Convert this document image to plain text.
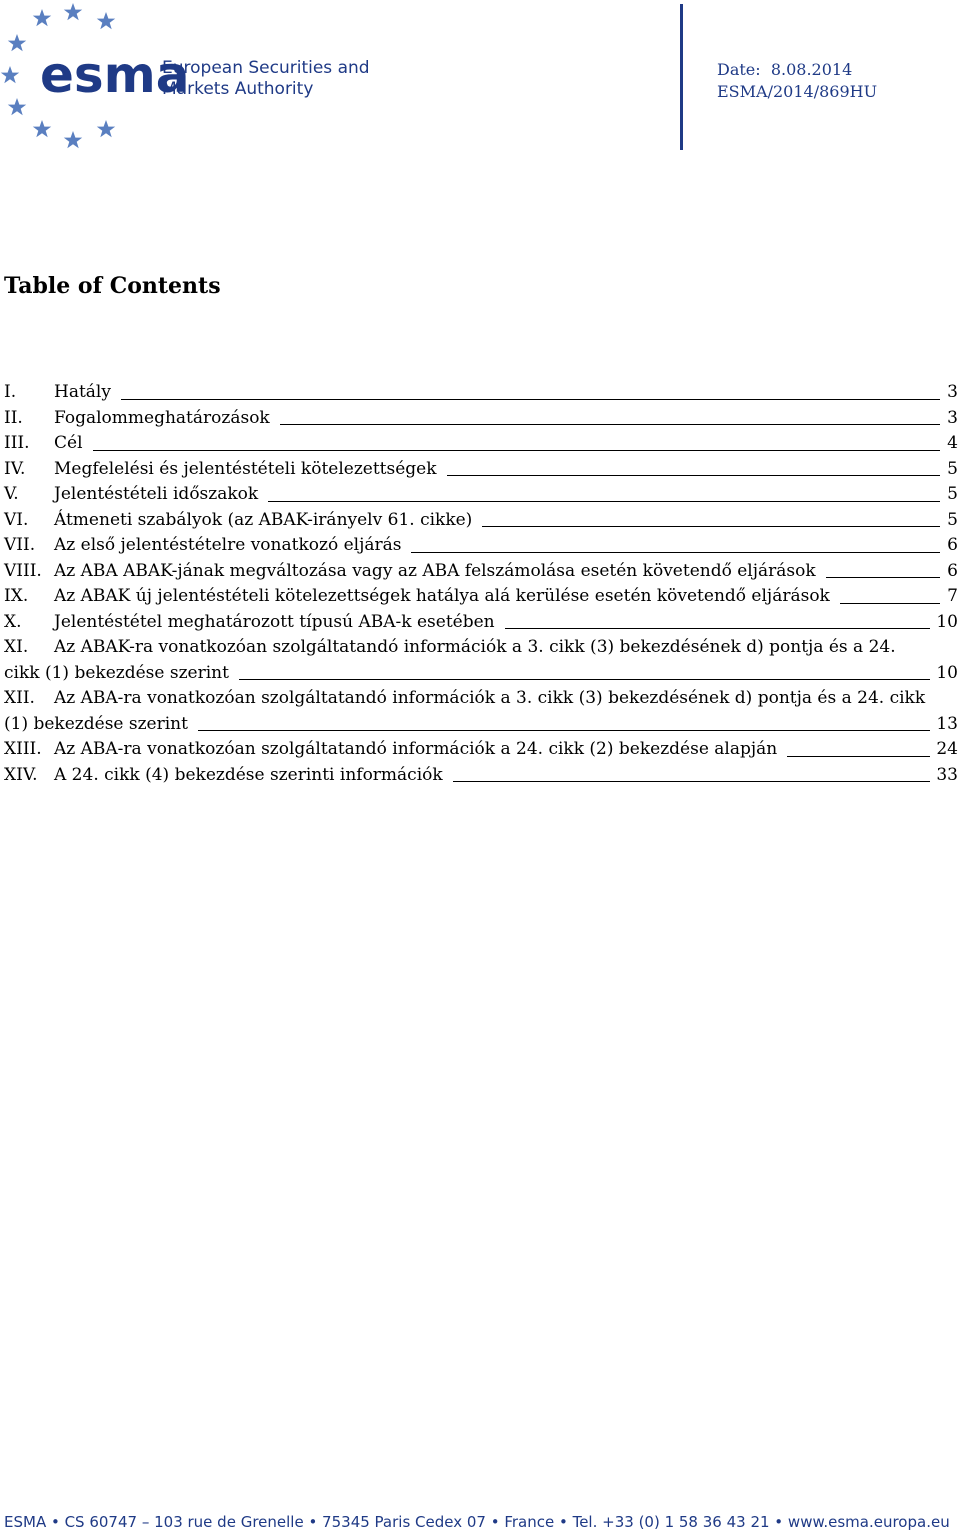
esma
European Securities and
Markets Authority
Date: 8.08.2014
ESMA/2014/869HU
Table of Contents
I.	Hatály	3
II.	Fogalommeghatározások	3
III.	Cél	4
IV.	Megfelelési és jelentéstételi kötelezettségek	5
V.	Jelentéstételi időszakok	5
VI.	Átmeneti szabályok (az ABAK-irányelv 61. cikke)	5
VII.	Az első jelentéstételre vonatkozó eljárás	6
VIII. Az ABA ABAK-jának megváltozása vagy az ABA felszámolása esetén követendő eljárások	6
IX.	Az ABAK új jelentéstételi kötelezettségek hatálya alá kerülése esetén követendő eljárások	7
X.	Jelentéstétel meghatározott típusú ABA-k esetében	10
XI.	Az ABAK-ra vonatkozóan szolgáltatandó információk a 3. cikk (3) bekezdésének d) pontja és a 24.
cikk (1) bekezdése szerint	10
XII.	Az ABA-ra vonatkozóan szolgáltatandó információk a 3. cikk (3) bekezdésének d) pontja és a 24. cikk
(1) bekezdése szerint	13
XIII. Az ABA-ra vonatkozóan szolgáltatandó információk a 24. cikk (2) bekezdése alapján	24
XIV. A 24. cikk (4) bekezdése szerinti információk	33
ESMA • CS 60747 – 103 rue de Grenelle • 75345 Paris Cedex 07 • France • Tel. +33 (0) 1 58 36 43 21 • www.esma.europa.eu
